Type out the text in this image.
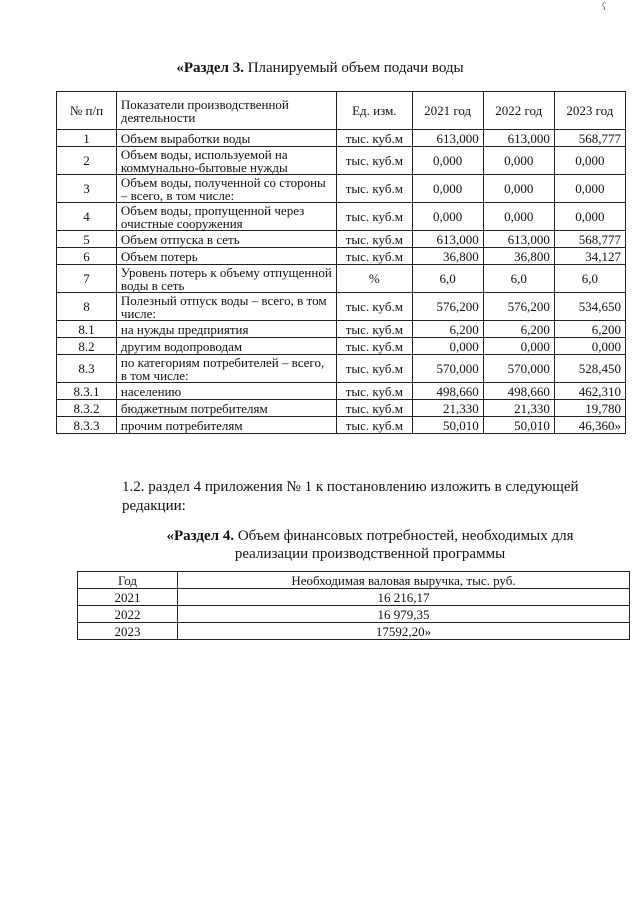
ʕ
«Раздел 3. Планируемый объем подачи воды
№ п/п	Показатели производственной деятельности	Ед. изм.	2021 год	2022 год	2023 год
1	Объем выработки воды	тыс. куб.м	613,000	613,000	568,777
2	Объем воды, используемой на коммунально-бытовые нужды	тыс. куб.м	0,000	0,000	0,000
3	Объем воды, полученной со стороны – всего, в том числе:	тыс. куб.м	0,000	0,000	0,000
4	Объем воды, пропущенной через очистные сооружения	тыс. куб.м	0,000	0,000	0,000
5	Объем отпуска в сеть	тыс. куб.м	613,000	613,000	568,777
6	Объем потерь	тыс. куб.м	36,800	36,800	34,127
7	Уровень потерь к объему отпущенной воды в сеть	%	6,0	6,0	6,0
8	Полезный отпуск воды – всего, в том числе:	тыс. куб.м	576,200	576,200	534,650
8.1	на нужды предприятия	тыс. куб.м	6,200	6,200	6,200
8.2	другим водопроводам	тыс. куб.м	0,000	0,000	0,000
8.3	по категориям потребителей – всего, в том числе:	тыс. куб.м	570,000	570,000	528,450
8.3.1	населению	тыс. куб.м	498,660	498,660	462,310
8.3.2	бюджетным потребителям	тыс. куб.м	21,330	21,330	19,780
8.3.3	прочим потребителям	тыс. куб.м	50,010	50,010	46,360»
1.2. раздел 4 приложения № 1 к постановлению изложить в следующей редакции:
«Раздел 4. Объем финансовых потребностей, необходимых для реализации производственной программы
Год	Необходимая валовая выручка, тыс. руб.
2021	16 216,17
2022	16 979,35
2023	17592,20»
